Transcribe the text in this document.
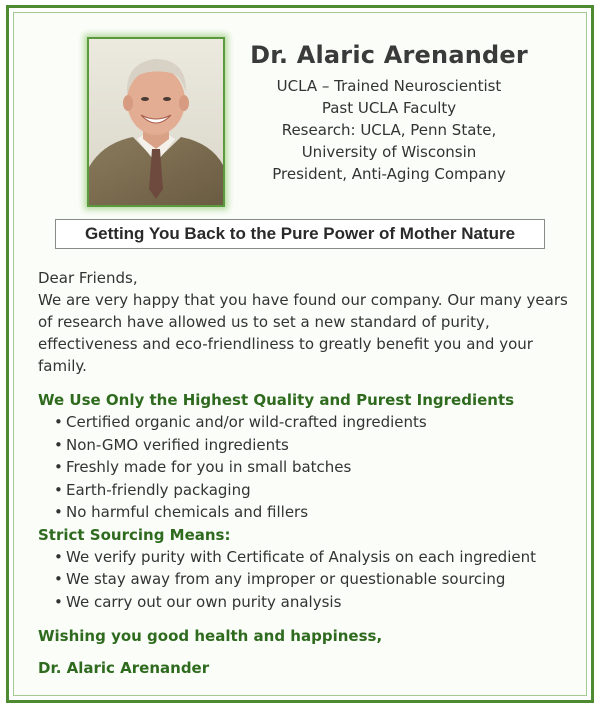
Dr. Alaric Arenander
UCLA – Trained Neuroscientist
Past UCLA Faculty
Research: UCLA, Penn State,
University of Wisconsin
President, Anti-Aging Company
Getting You Back to the Pure Power of Mother Nature

Dear Friends,

We are very happy that you have found our company. Our many years of research have allowed us to set a new standard of purity, effectiveness and eco-friendliness to greatly benefit you and your family.

We Use Only the Highest Quality and Purest Ingredients
• Certified organic and/or wild-crafted ingredients
• Non-GMO verified ingredients
• Freshly made for you in small batches
• Earth-friendly packaging
• No harmful chemicals and fillers
Strict Sourcing Means:
• We verify purity with Certificate of Analysis on each ingredient
• We stay away from any improper or questionable sourcing
• We carry out our own purity analysis

Wishing you good health and happiness,

Dr. Alaric Arenander
